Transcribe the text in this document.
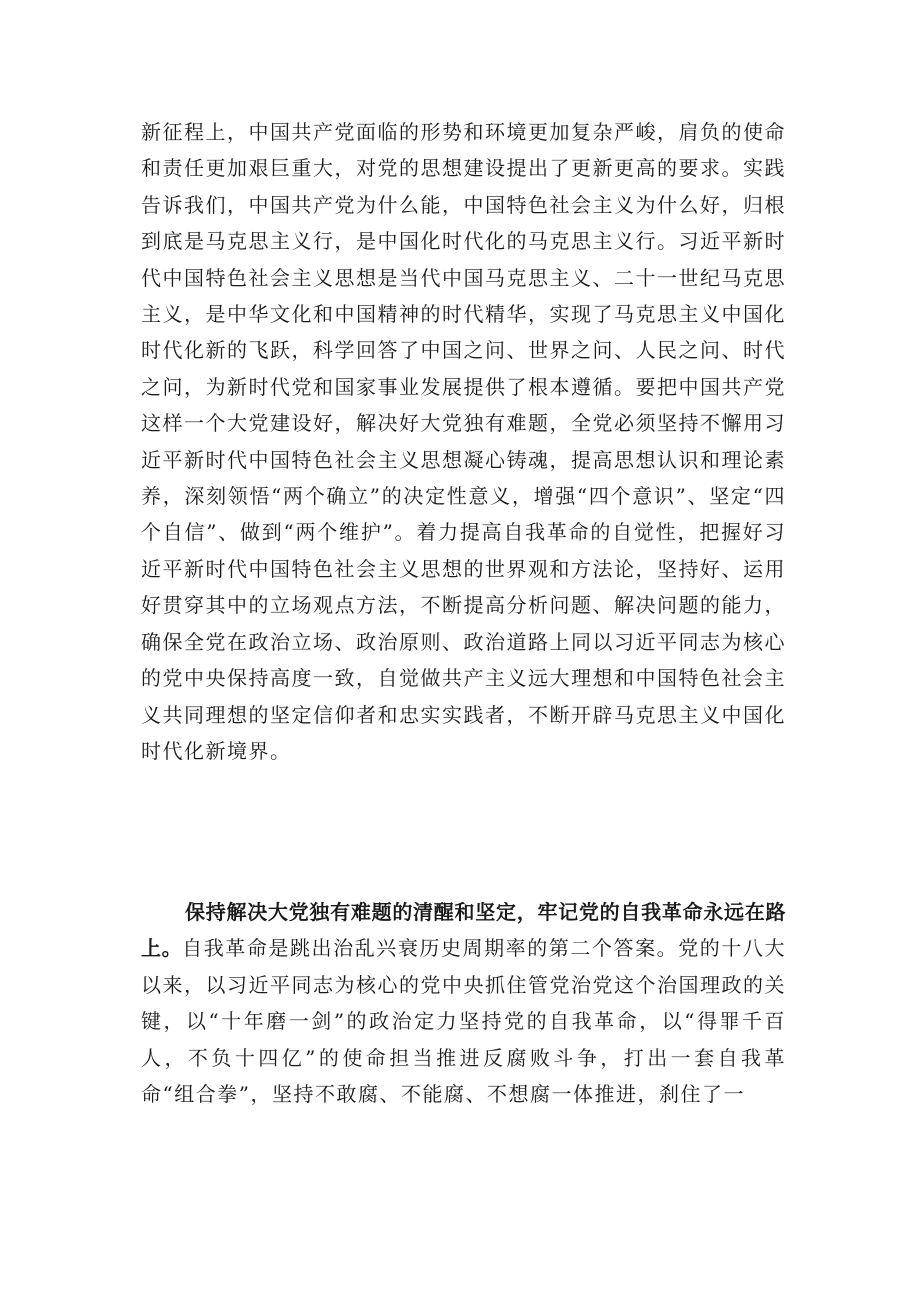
新征程上，中国共产党面临的形势和环境更加复杂严峻，肩负的使命和责任更加艰巨重大，对党的思想建设提出了更新更高的要求。实践告诉我们，中国共产党为什么能，中国特色社会主义为什么好，归根到底是马克思主义行，是中国化时代化的马克思主义行。习近平新时代中国特色社会主义思想是当代中国马克思主义、二十一世纪马克思主义，是中华文化和中国精神的时代精华，实现了马克思主义中国化时代化新的飞跃，科学回答了中国之问、世界之问、人民之问、时代之问，为新时代党和国家事业发展提供了根本遵循。要把中国共产党这样一个大党建设好，解决好大党独有难题，全党必须坚持不懈用习近平新时代中国特色社会主义思想凝心铸魂，提高思想认识和理论素养，深刻领悟“两个确立”的决定性意义，增强“四个意识”、坚定“四个自信”、做到“两个维护”。着力提高自我革命的自觉性，把握好习近平新时代中国特色社会主义思想的世界观和方法论，坚持好、运用好贯穿其中的立场观点方法，不断提高分析问题、解决问题的能力，确保全党在政治立场、政治原则、政治道路上同以习近平同志为核心的党中央保持高度一致，自觉做共产主义远大理想和中国特色社会主义共同理想的坚定信仰者和忠实实践者，不断开辟马克思主义中国化时代化新境界。
保持解决大党独有难题的清醒和坚定，牢记党的自我革命永远在路上。自我革命是跳出治乱兴衰历史周期率的第二个答案。党的十八大以来，以习近平同志为核心的党中央抓住管党治党这个治国理政的关键，以“十年磨一剑”的政治定力坚持党的自我革命，以“得罪千百人，不负十四亿”的使命担当推进反腐败斗争，打出一套自我革命“组合拳”，坚持不敢腐、不能腐、不想腐一体推进，刹住了一
